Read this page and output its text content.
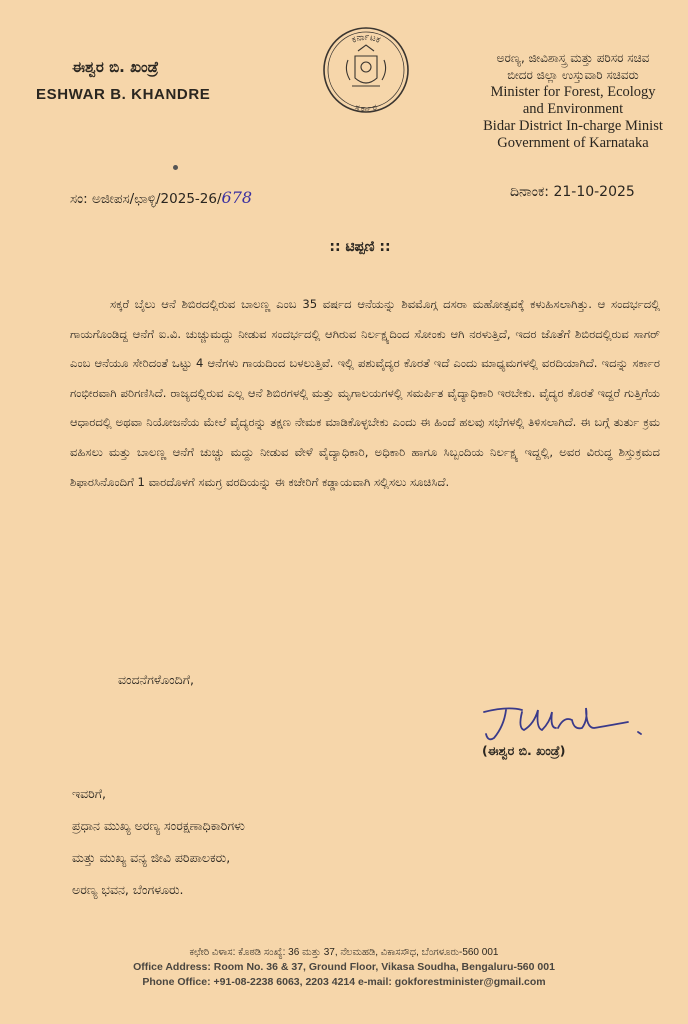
ಈಶ್ವರ ಬಿ. ಖಂಡ್ರೆ
ESHWAR B. KHANDRE
ಕರ್ನಾಟಕ
ಸರ್ಕಾರ
ಅರಣ್ಯ, ಜೀವಿಶಾಸ್ತ್ರ ಮತ್ತು ಪರಿಸರ ಸಚಿವ
ಬೀದರ ಜಿಲ್ಲಾ ಉಸ್ತುವಾರಿ ಸಚಿವರು
Minister for Forest, Ecology
and Environment
Bidar District In-charge Minist
Government of Karnataka
ಸಂ: ಅಜೀಪಸ/ಛಾಳ್ಳಿ/2025-26/678	ದಿನಾಂಕ: 21-10-2025
:: ಟಿಪ್ಪಣಿ ::
ಸಕ್ಕರೆ ಬೈಲು ಆನೆ ಶಿಬಿರದಲ್ಲಿರುವ ಬಾಲಣ್ಣ ಎಂಬ 35 ವರ್ಷದ ಆನೆಯನ್ನು ಶಿವಮೊಗ್ಗ ದಸರಾ ಮಹೋತ್ಸವಕ್ಕೆ ಕಳುಹಿಸಲಾಗಿತ್ತು. ಆ ಸಂದರ್ಭದಲ್ಲಿ ಗಾಯಗೊಂಡಿದ್ದ ಆನೆಗೆ ಐ.ವಿ. ಚುಚ್ಚುಮದ್ದು ನೀಡುವ ಸಂದರ್ಭದಲ್ಲಿ ಆಗಿರುವ ನಿರ್ಲಕ್ಷ್ಯದಿಂದ ಸೋಂಕು ಆಗಿ ನರಳುತ್ತಿದೆ, ಇದರ ಜೊತೆಗೆ ಶಿಬಿರದಲ್ಲಿರುವ ಸಾಗರ್ ಎಂಬ ಆನೆಯೂ ಸೇರಿದಂತೆ ಒಟ್ಟು 4 ಆನೆಗಳು ಗಾಯದಿಂದ ಬಳಲುತ್ತಿವೆ. ಇಲ್ಲಿ ಪಶುವೈದ್ಯರ ಕೊರತೆ ಇದೆ ಎಂದು ಮಾಧ್ಯಮಗಳಲ್ಲಿ ವರದಿಯಾಗಿದೆ. ಇದನ್ನು ಸರ್ಕಾರ ಗಂಭೀರವಾಗಿ ಪರಿಗಣಿಸಿದೆ. ರಾಜ್ಯದಲ್ಲಿರುವ ಎಲ್ಲ ಆನೆ ಶಿಬಿರಗಳಲ್ಲಿ ಮತ್ತು ಮೃಗಾಲಯಗಳಲ್ಲಿ ಸಮರ್ಪಿತ ವೈದ್ಯಾಧಿಕಾರಿ ಇರಬೇಕು. ವೈದ್ಯರ ಕೊರತೆ ಇದ್ದರೆ ಗುತ್ತಿಗೆಯ ಆಧಾರದಲ್ಲಿ ಅಥವಾ ನಿಯೋಜನೆಯ ಮೇಲೆ ವೈದ್ಯರನ್ನು ತಕ್ಷಣ ನೇಮಕ ಮಾಡಿಕೊಳ್ಳಬೇಕು ಎಂದು ಈ ಹಿಂದೆ ಹಲವು ಸಭೆಗಳಲ್ಲಿ ತಿಳಿಸಲಾಗಿದೆ. ಈ ಬಗ್ಗೆ ತುರ್ತು ಕ್ರಮ ವಹಿಸಲು ಮತ್ತು ಬಾಲಣ್ಣ ಆನೆಗೆ ಚುಚ್ಚು ಮದ್ದು ನೀಡುವ ವೇಳೆ ವೈದ್ಯಾಧಿಕಾರಿ, ಅಧಿಕಾರಿ ಹಾಗೂ ಸಿಬ್ಬಂದಿಯ ನಿರ್ಲಕ್ಷ್ಯ ಇದ್ದಲ್ಲಿ, ಅವರ ವಿರುದ್ಧ ಶಿಸ್ತುಕ್ರಮದ ಶಿಫಾರಸಿನೊಂದಿಗೆ 1 ವಾರದೊಳಗೆ ಸಮಗ್ರ ವರದಿಯನ್ನು ಈ ಕಚೇರಿಗೆ ಕಡ್ಡಾಯವಾಗಿ ಸಲ್ಲಿಸಲು ಸೂಚಿಸಿದೆ.
ವಂದನೆಗಳೊಂದಿಗೆ,
(ಈಶ್ವರ ಬಿ. ಖಂಡ್ರೆ)
ಇವರಿಗೆ,
ಪ್ರಧಾನ ಮುಖ್ಯ ಅರಣ್ಯ ಸಂರಕ್ಷಣಾಧಿಕಾರಿಗಳು
ಮತ್ತು ಮುಖ್ಯ ವನ್ಯ ಜೀವಿ ಪರಿಪಾಲಕರು,
ಅರಣ್ಯ ಭವನ, ಬೆಂಗಳೂರು.
ಕಛೇರಿ ವಿಳಾಸ: ಕೊಠಡಿ ಸಂಖ್ಯೆ: 36 ಮತ್ತು 37, ನೆಲಮಹಡಿ, ವಿಕಾಸಸೌಧ, ಬೆಂಗಳೂರು-560 001
Office Address: Room No. 36 & 37, Ground Floor, Vikasa Soudha, Bengaluru-560 001
Phone Office: +91-08-2238 6063, 2203 4214 e-mail: gokforestminister@gmail.com
